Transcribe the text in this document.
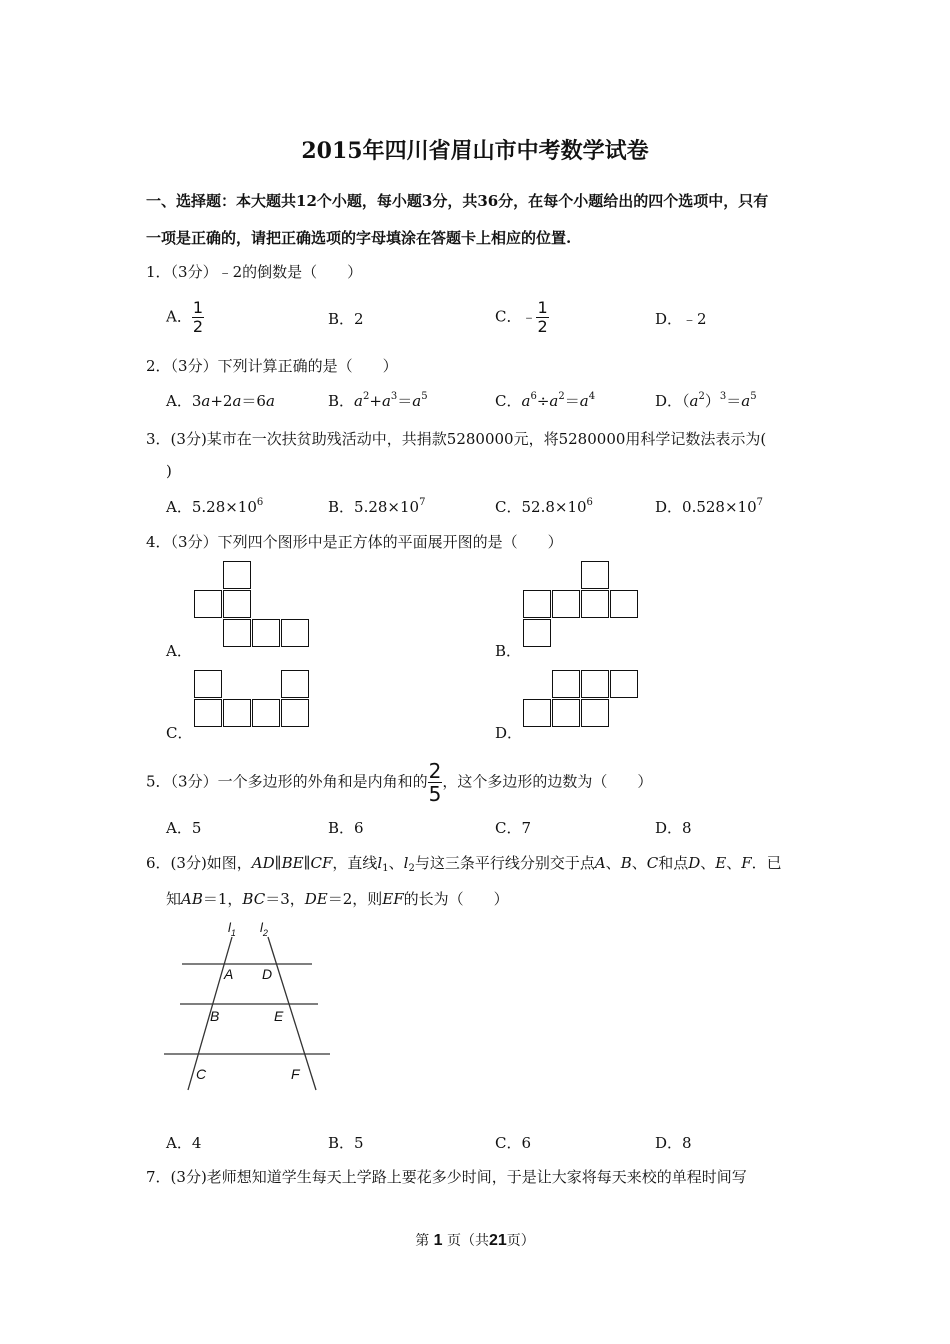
2015年四川省眉山市中考数学试卷
一、选择题：本大题共12个小题，每小题3分，共36分，在每个小题给出的四个选项中，只有
一项是正确的，请把正确选项的字母填涂在答题卡上相应的位置.
1．（3分）﹣2的倒数是（　　）
A． $\frac{1}{2}$	B．2	C．﹣ $\frac{1}{2}$	D．﹣2
2．（3分）下列计算正确的是（　　）
A．3a+2a＝6a	B．$a^2+a^3=a^5$	C．$a^6\div a^2=a^4$	D．$(a^2)^3=a^5$
3．(3分)某市在一次扶贫助残活动中，共捐款5280000元，将5280000用科学记数法表示为(
)
A．$5.28\times 10^6$	B．$5.28\times 10^7$	C．$52.8\times 10^6$	D．$0.528\times 10^7$
4．（3分）下列四个图形中是正方体的平面展开图的是（　　）
A．	B．
C．	D．
5．（3分）一个多边形的外角和是内角和的 $\frac{2}{5}$ ，这个多边形的边数为（　　）
A．5	B．6	C．7	D．8
6．(3分)如图，AD∥BE∥CF，直线$l_1$、$l_2$与这三条平行线分别交于点A、B、C和点D、E、F．已
知AB＝1，BC＝3，DE＝2，则EF的长为（　　）
$l_1$ $l_2$
A D
B	E
C	F
A．4	B．5	C．6	D．8
7．(3分)老师想知道学生每天上学路上要花多少时间，于是让大家将每天来校的单程时间写
第 1 页（共21页）
